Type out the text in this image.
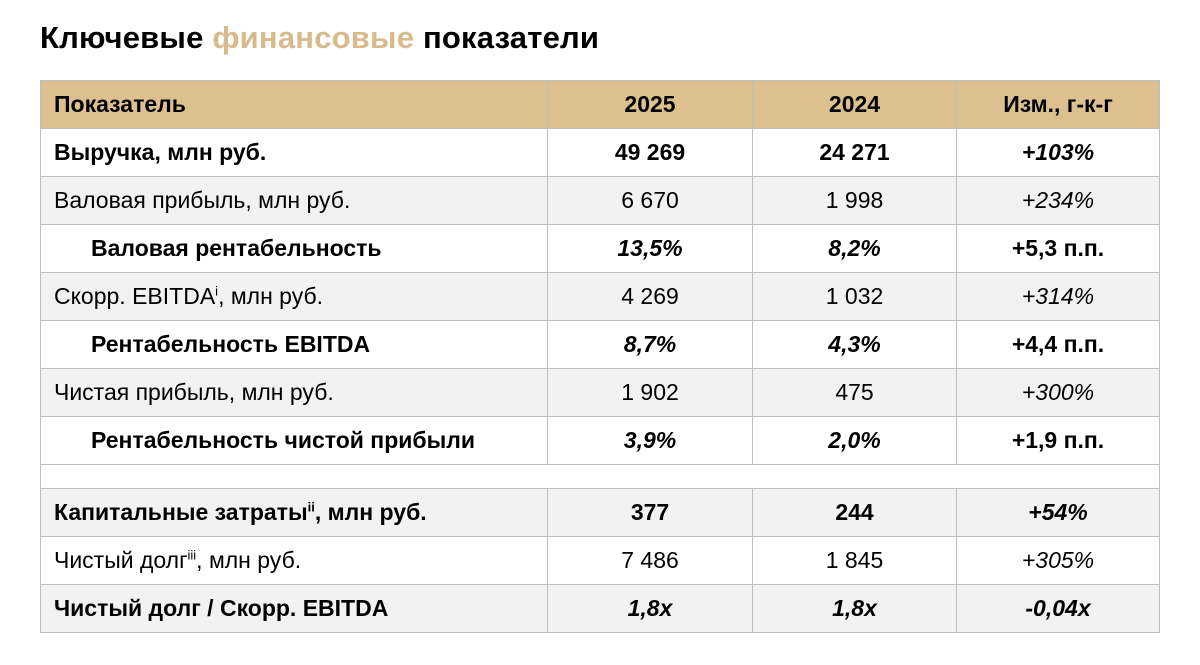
Ключевые финансовые показатели
Показатель	2025	2024	Изм., г-к-г
Выручка, млн руб.	49 269	24 271	+103%
Валовая прибыль, млн руб.	6 670	1 998	+234%
Валовая рентабельность	13,5%	8,2%	+5,3 п.п.
Скорр. EBITDA$^i$, млн руб.	4 269	1 032	+314%
Рентабельность EBITDA	8,7%	4,3%	+4,4 п.п.
Чистая прибыль, млн руб.	1 902	475	+300%
Рентабельность чистой прибыли	3,9%	2,0%	+1,9 п.п.

Капитальные затраты$^{ii}$, млн руб.	377	244	+54%
Чистый долг$^{iii}$, млн руб.	7 486	1 845	+305%
Чистый долг / Скорр. EBITDA	1,8x	1,8x	-0,04x
